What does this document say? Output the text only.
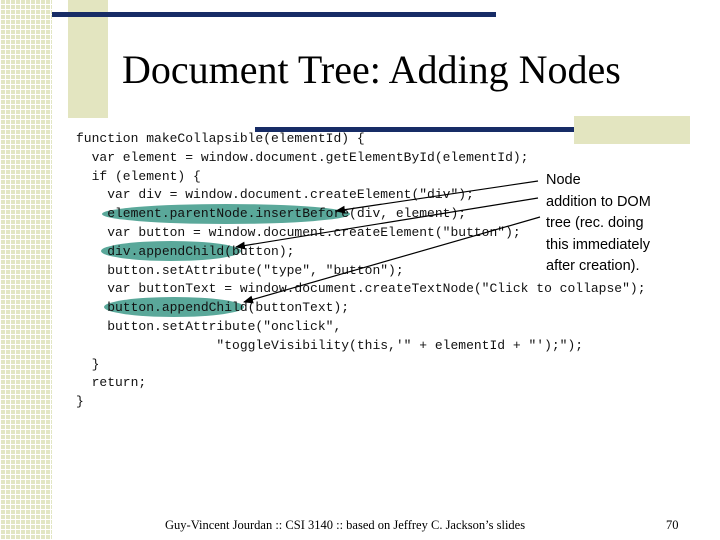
Document Tree: Adding Nodes
function makeCollapsible(elementId) {
var element = window.document.getElementById(elementId);
if (element) {
var div = window.document.createElement("div");
element.parentNode.insertBefore(div, element);
var button = window.document.createElement("button");
div.appendChild(button);
button.setAttribute("type", "button");
var buttonText = window.document.createTextNode("Click to collapse");
button.appendChild(buttonText);
button.setAttribute("onclick",
"toggleVisibility(this,'" + elementId + "');");
}
return;
}
Node
addition to DOM
tree (rec. doing
this immediately
after creation).
Guy-Vincent Jourdan :: CSI 3140 :: based on Jeffrey C. Jackson’s slides	70
